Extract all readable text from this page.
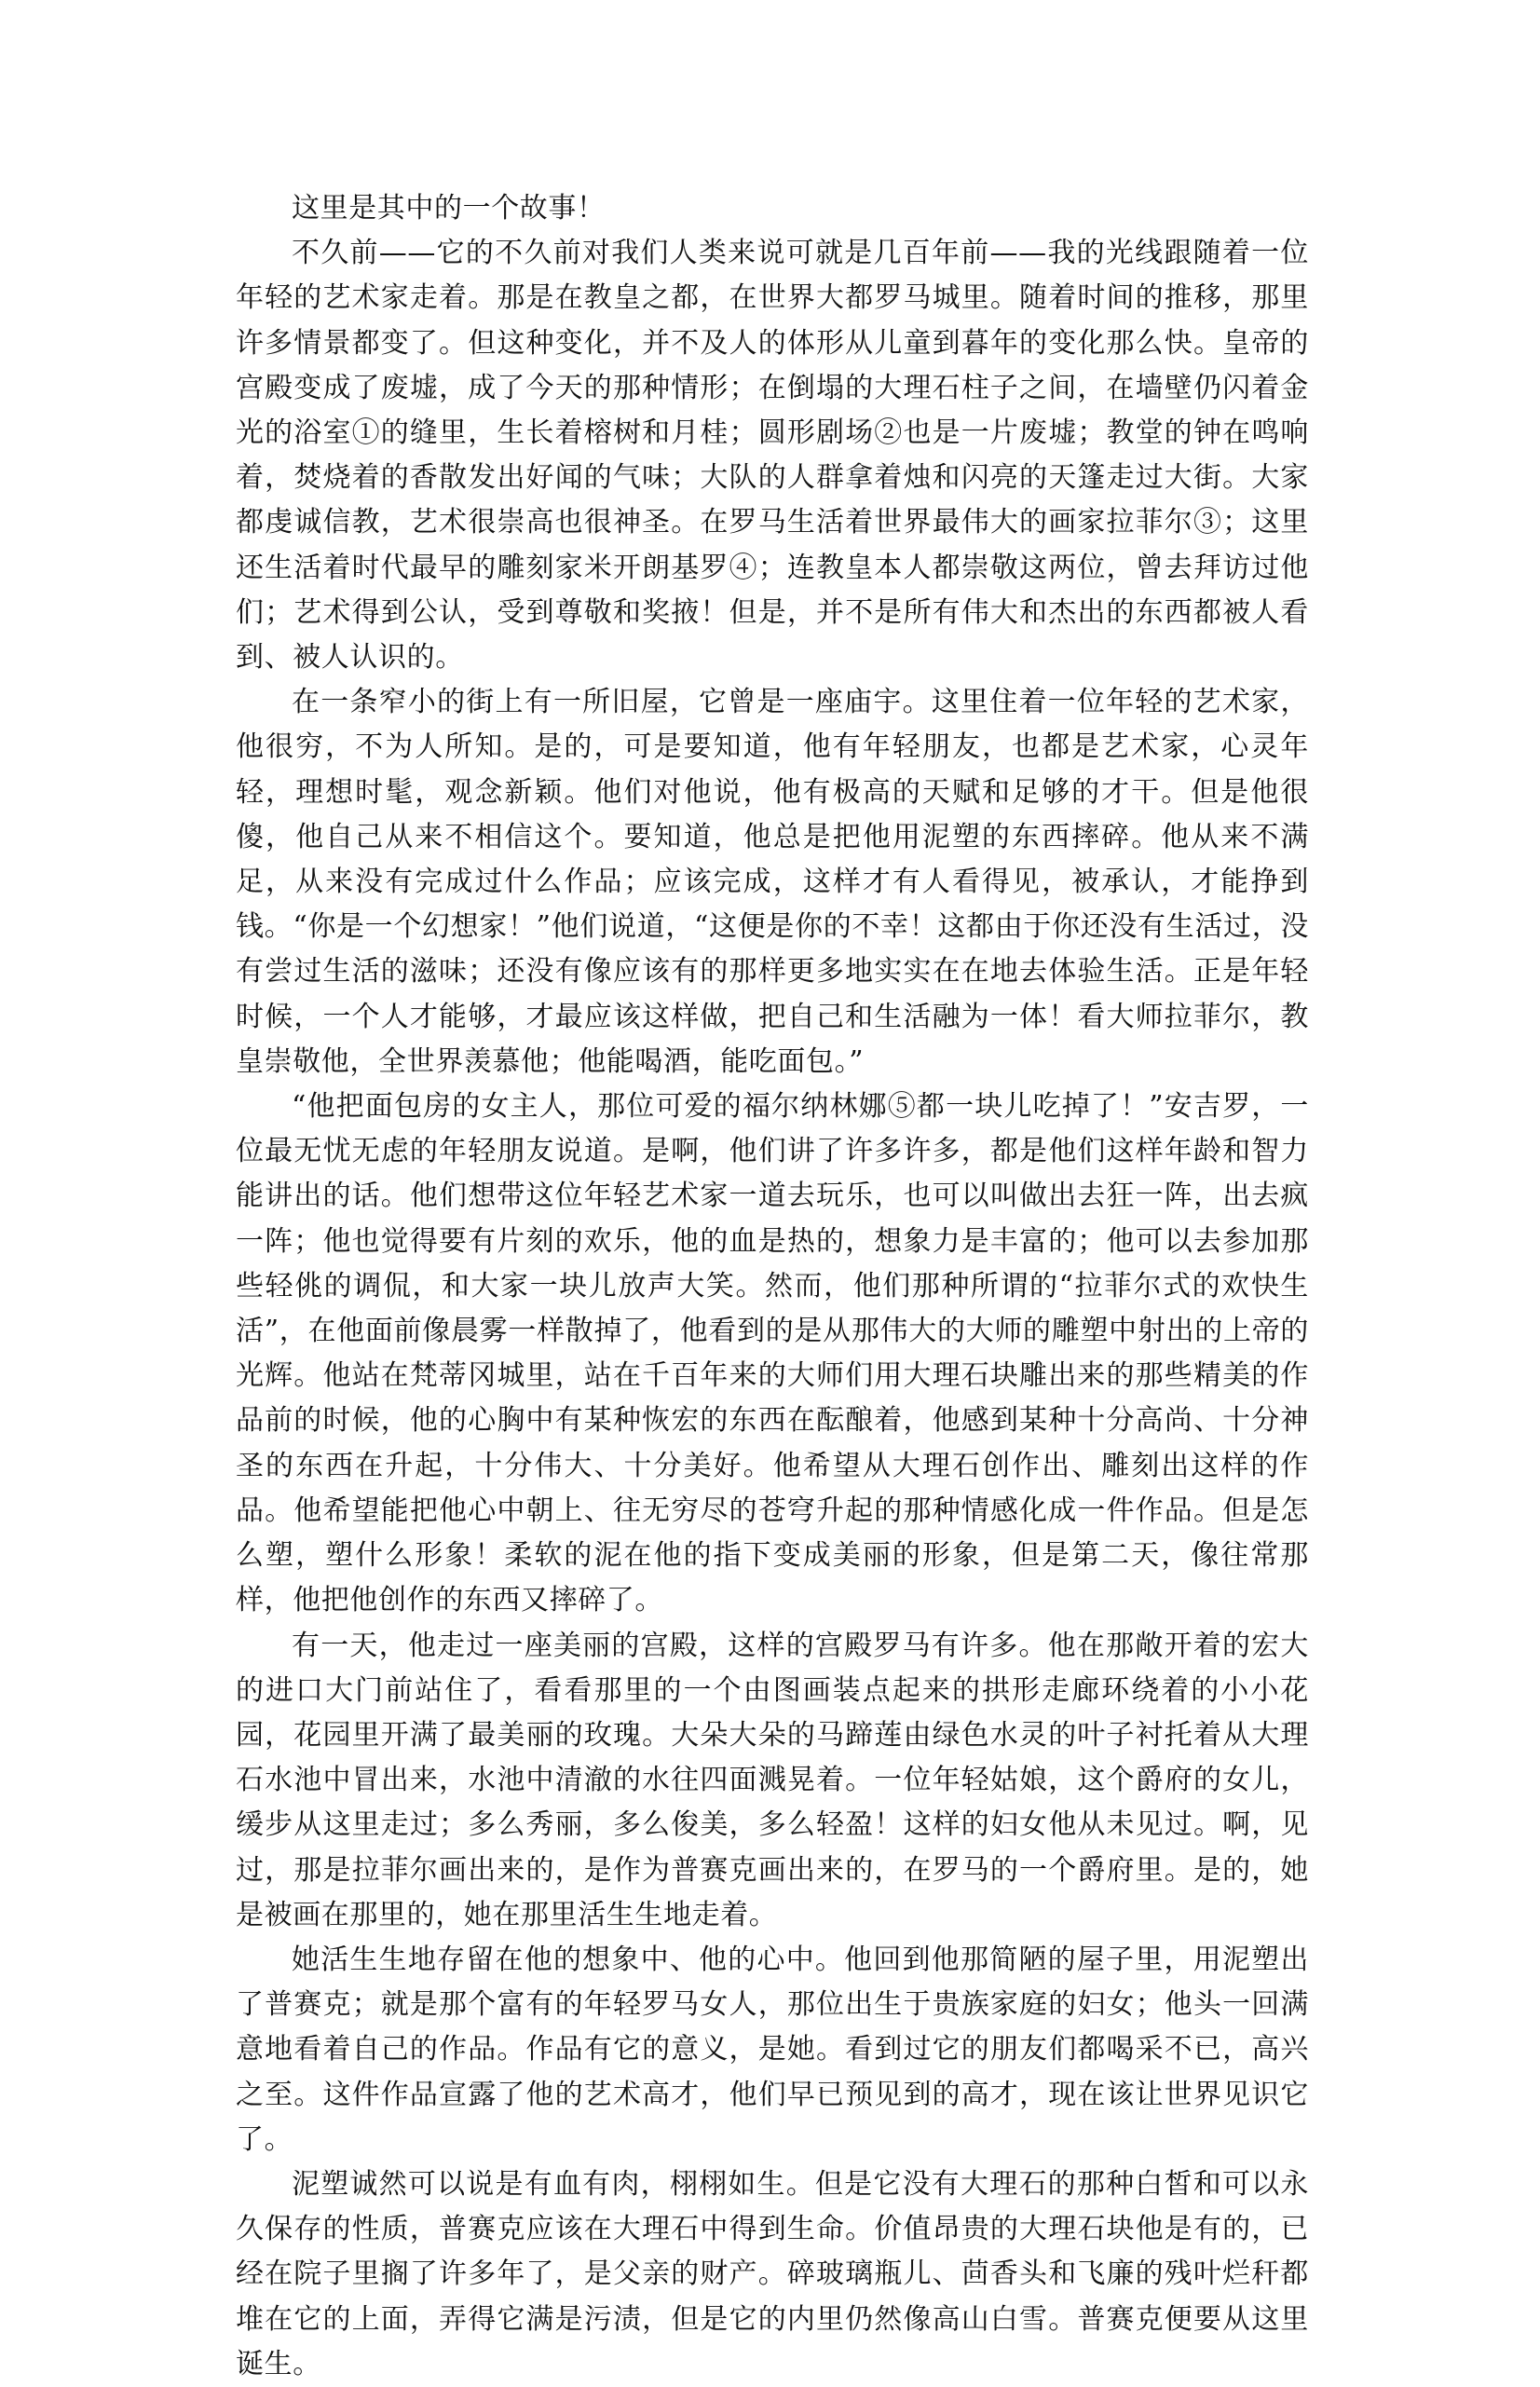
这里是其中的一个故事！

不久前——它的不久前对我们人类来说可就是几百年前——我的光线跟随着一位年轻的艺术家走着。那是在教皇之都，在世界大都罗马城里。随着时间的推移，那里许多情景都变了。但这种变化，并不及人的体形从儿童到暮年的变化那么快。皇帝的宫殿变成了废墟，成了今天的那种情形；在倒塌的大理石柱子之间，在墙壁仍闪着金光的浴室①的缝里，生长着榕树和月桂；圆形剧场②也是一片废墟；教堂的钟在鸣响着，焚烧着的香散发出好闻的气味；大队的人群拿着烛和闪亮的天篷走过大街。大家都虔诚信教，艺术很崇高也很神圣。在罗马生活着世界最伟大的画家拉菲尔③；这里还生活着时代最早的雕刻家米开朗基罗④；连教皇本人都崇敬这两位，曾去拜访过他们；艺术得到公认，受到尊敬和奖掖！但是，并不是所有伟大和杰出的东西都被人看到、被人认识的。

在一条窄小的街上有一所旧屋，它曾是一座庙宇。这里住着一位年轻的艺术家，他很穷，不为人所知。是的，可是要知道，他有年轻朋友，也都是艺术家，心灵年轻，理想时髦，观念新颖。他们对他说，他有极高的天赋和足够的才干。但是他很傻，他自己从来不相信这个。要知道，他总是把他用泥塑的东西摔碎。他从来不满足，从来没有完成过什么作品；应该完成，这样才有人看得见，被承认，才能挣到钱。“你是一个幻想家！”他们说道，“这便是你的不幸！这都由于你还没有生活过，没有尝过生活的滋味；还没有像应该有的那样更多地实实在在地去体验生活。正是年轻时候，一个人才能够，才最应该这样做，把自己和生活融为一体！看大师拉菲尔，教皇崇敬他，全世界羡慕他；他能喝酒，能吃面包。”

“他把面包房的女主人，那位可爱的福尔纳林娜⑤都一块儿吃掉了！”安吉罗，一位最无忧无虑的年轻朋友说道。是啊，他们讲了许多许多，都是他们这样年龄和智力能讲出的话。他们想带这位年轻艺术家一道去玩乐，也可以叫做出去狂一阵，出去疯一阵；他也觉得要有片刻的欢乐，他的血是热的，想象力是丰富的；他可以去参加那些轻佻的调侃，和大家一块儿放声大笑。然而，他们那种所谓的“拉菲尔式的欢快生活”，在他面前像晨雾一样散掉了，他看到的是从那伟大的大师的雕塑中射出的上帝的光辉。他站在梵蒂冈城里，站在千百年来的大师们用大理石块雕出来的那些精美的作品前的时候，他的心胸中有某种恢宏的东西在酝酿着，他感到某种十分高尚、十分神圣的东西在升起，十分伟大、十分美好。他希望从大理石创作出、雕刻出这样的作品。他希望能把他心中朝上、往无穷尽的苍穹升起的那种情感化成一件作品。但是怎么塑，塑什么形象！柔软的泥在他的指下变成美丽的形象，但是第二天，像往常那样，他把他创作的东西又摔碎了。

有一天，他走过一座美丽的宫殿，这样的宫殿罗马有许多。他在那敞开着的宏大的进口大门前站住了，看看那里的一个由图画装点起来的拱形走廊环绕着的小小花园，花园里开满了最美丽的玫瑰。大朵大朵的马蹄莲由绿色水灵的叶子衬托着从大理石水池中冒出来，水池中清澈的水往四面溅晃着。一位年轻姑娘，这个爵府的女儿，缓步从这里走过；多么秀丽，多么俊美，多么轻盈！这样的妇女他从未见过。啊，见过，那是拉菲尔画出来的，是作为普赛克画出来的，在罗马的一个爵府里。是的，她是被画在那里的，她在那里活生生地走着。

她活生生地存留在他的想象中、他的心中。他回到他那简陋的屋子里，用泥塑出了普赛克；就是那个富有的年轻罗马女人，那位出生于贵族家庭的妇女；他头一回满意地看着自己的作品。作品有它的意义，是她。看到过它的朋友们都喝采不已，高兴之至。这件作品宣露了他的艺术高才，他们早已预见到的高才，现在该让世界见识它了。

泥塑诚然可以说是有血有肉，栩栩如生。但是它没有大理石的那种白皙和可以永久保存的性质，普赛克应该在大理石中得到生命。价值昂贵的大理石块他是有的，已经在院子里搁了许多年了，是父亲的财产。碎玻璃瓶儿、茴香头和飞廉的残叶烂秆都堆在它的上面，弄得它满是污渍，但是它的内里仍然像高山白雪。普赛克便要从这里诞生。
